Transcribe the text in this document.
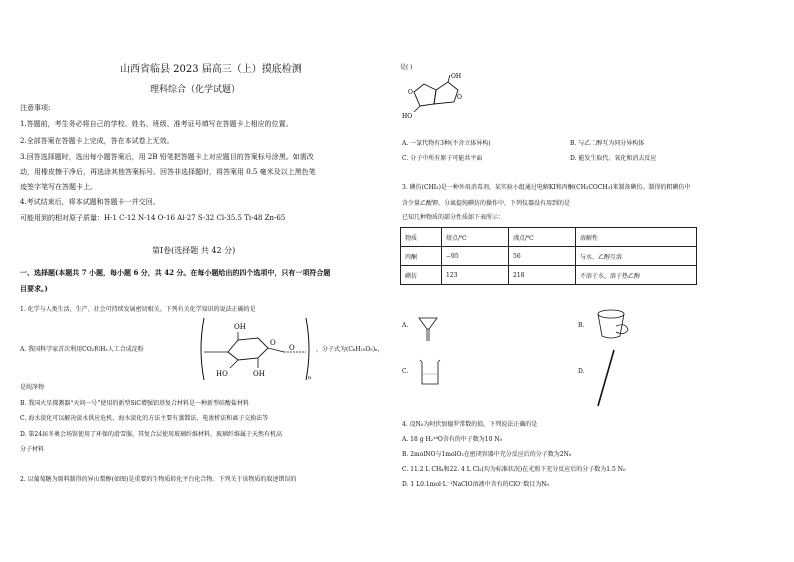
山西省临县 2023 届高三（上）摸底检测
理科综合（化学试题）
注意事项:
1.答题前，考生务必将自己的学校、姓名、班级、准考证号填写在答题卡上相应的位置。
2.全部答案在答题卡上完成，答在本试卷上无效。
3.回答选择题时，选出每小题答案后，用 2B 铅笔把答题卡上对应题目的答案标号涂黑。如需改
动，用橡皮擦干净后，再选涂其他答案标号。回答非选择题时，将答案用 0.5 毫米及以上黑色笔
迹签字笔写在答题卡上。
4.考试结束后，将本试题和答题卡一并交回。
可能用到的相对原子质量：H-1 C-12 N-14 O-16 Al-27 S-32 Cl-35.5 Ti-48 Zn-65
第Ⅰ卷(选择题 共 42 分)
一、选择题(本题共 7 小题，每小题 6 分，共 42 分。在每小题给出的四个选项中，只有一项符合题
目要求。)
1. 化学与人类生活、生产、社会可持续发展密切相关。下列有关化学知识的说法正确的是
A. 我国科学家首次利用CO₂和H₂人工合成淀粉
OH
O
HO	OH
O
n
，分子式为(C₆H₁₀O₅)ₙ，
是纯净物
B. 我国火星探测器“天问一号”使用的新型SiC增强铝基复合材料是一种新型硅酸盐材料
C. 海水淡化可以解决淡水供应危机，海水淡化的方法主要有蒸馏法、电渗析法和离子交换法等
D. 第24届冬奥会场馆使用了环保的滑雪服，其复合层使用玻璃纤维材料，玻璃纤维属于天然有机高
分子材料
2. 以葡萄糖为原料制得的异山梨醇(如图)是重要的生物质转化平台化合物。下列关于该物质的叙述错误的
是( )
OH
HO
O
O
A. 一氯代物有3种(不含立体异构)	B. 与乙二醇互为同分异构体
C. 分子中所有原子可能共平面	D. 能发生取代、氧化和消去反应
3. 碘仿(CHI₃)是一种外用消毒剂。某实验小组通过电解KI和丙酮(CH₃COCH₃)来制备碘仿。制得的粗碘仿中
含少量乙酸钾，分离提纯碘仿的操作中，下列仪器没有用到的是
已知几种物质的部分性质如下表所示：
物质	熔点/℃	沸点/℃	溶解性
丙酮	−95	56	与水、乙醇互溶
碘仿	123	218	不溶于水，溶于热乙醇
A.	B.
C.	D.
4. 设N₀为阿伏加德罗常数的值。下列说法正确的是
A. 18 g H₂¹⁸O含有的中子数为10 N₀
B. 2molNO与1molO₂在密闭容器中充分反应后的分子数为2N₀
C. 11.2 L CH₄和22. 4 L Cl₂(均为标准状况)在光照下充分反应后的分子数为1.5 N₀
D. 1 L0.1mol·L⁻¹NaClO溶液中含有的ClO⁻数目为N₀
